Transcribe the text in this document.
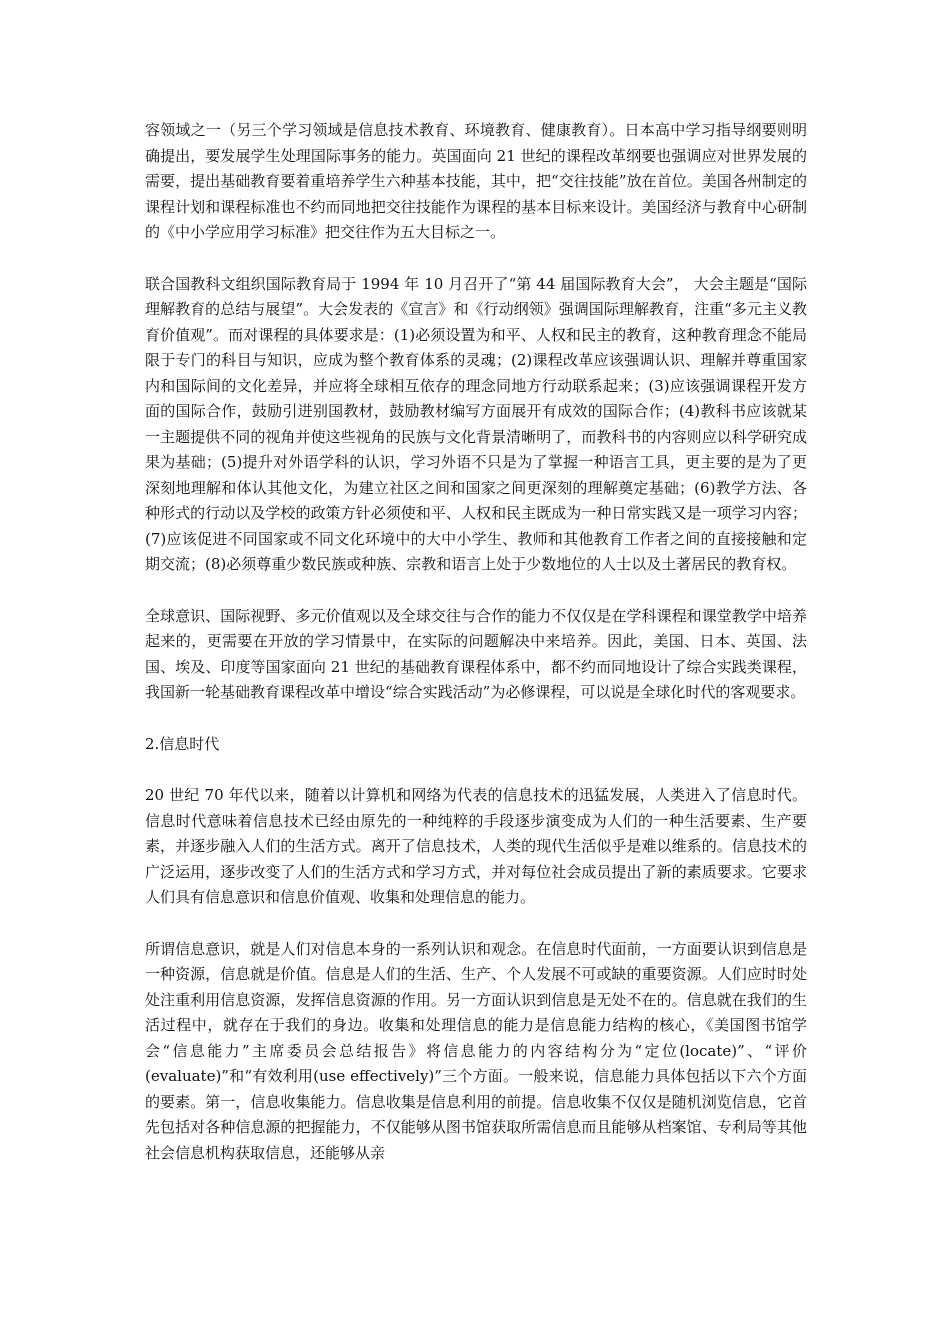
容领域之一（另三个学习领域是信息技术教育、环境教育、健康教育）。日本高中学习指导纲要则明确提出，要发展学生处理国际事务的能力。英国面向 21 世纪的课程改革纲要也强调应对世界发展的需要，提出基础教育要着重培养学生六种基本技能，其中，把“交往技能”放在首位。美国各州制定的课程计划和课程标准也不约而同地把交往技能作为课程的基本目标来设计。美国经济与教育中心研制的《中小学应用学习标准》把交往作为五大目标之一。

联合国教科文组织国际教育局于 1994 年 10 月召开了“第 44 届国际教育大会”， 大会主题是“国际理解教育的总结与展望”。大会发表的《宣言》和《行动纲领》强调国际理解教育，注重“多元主义教育价值观”。而对课程的具体要求是：(1)必须设置为和平、人权和民主的教育，这种教育理念不能局限于专门的科目与知识，应成为整个教育体系的灵魂；(2)课程改革应该强调认识、理解并尊重国家内和国际间的文化差异，并应将全球相互依存的理念同地方行动联系起来；(3)应该强调课程开发方面的国际合作，鼓励引进别国教材，鼓励教材编写方面展开有成效的国际合作；(4)教科书应该就某一主题提供不同的视角并使这些视角的民族与文化背景清晰明了，而教科书的内容则应以科学研究成果为基础；(5)提升对外语学科的认识，学习外语不只是为了掌握一种语言工具，更主要的是为了更深刻地理解和体认其他文化，为建立社区之间和国家之间更深刻的理解奠定基础；(6)教学方法、各种形式的行动以及学校的政策方针必须使和平、人权和民主既成为一种日常实践又是一项学习内容；(7)应该促进不同国家或不同文化环境中的大中小学生、教师和其他教育工作者之间的直接接触和定期交流；(8)必须尊重少数民族或种族、宗教和语言上处于少数地位的人士以及土著居民的教育权。

全球意识、国际视野、多元价值观以及全球交往与合作的能力不仅仅是在学科课程和课堂教学中培养起来的，更需要在开放的学习情景中，在实际的问题解决中来培养。因此，美国、日本、英国、法国、埃及、印度等国家面向 21 世纪的基础教育课程体系中，都不约而同地设计了综合实践类课程，我国新一轮基础教育课程改革中增设“综合实践活动”为必修课程，可以说是全球化时代的客观要求。

2.信息时代

20 世纪 70 年代以来，随着以计算机和网络为代表的信息技术的迅猛发展，人类进入了信息时代。信息时代意味着信息技术已经由原先的一种纯粹的手段逐步演变成为人们的一种生活要素、生产要素，并逐步融入人们的生活方式。离开了信息技术，人类的现代生活似乎是难以维系的。信息技术的广泛运用，逐步改变了人们的生活方式和学习方式，并对每位社会成员提出了新的素质要求。它要求人们具有信息意识和信息价值观、收集和处理信息的能力。

所谓信息意识，就是人们对信息本身的一系列认识和观念。在信息时代面前，一方面要认识到信息是一种资源，信息就是价值。信息是人们的生活、生产、个人发展不可或缺的重要资源。人们应时时处处注重利用信息资源，发挥信息资源的作用。另一方面认识到信息是无处不在的。信息就在我们的生活过程中，就存在于我们的身边。收集和处理信息的能力是信息能力结构的核心，《美国图书馆学会“信息能力”主席委员会总结报告》将信息能力的内容结构分为“定位(locate)”、“评价(evaluate)”和“有效利用(use effectively)”三个方面。一般来说，信息能力具体包括以下六个方面的要素。第一，信息收集能力。信息收集是信息利用的前提。信息收集不仅仅是随机浏览信息，它首先包括对各种信息源的把握能力，不仅能够从图书馆获取所需信息而且能够从档案馆、专利局等其他社会信息机构获取信息，还能够从亲
